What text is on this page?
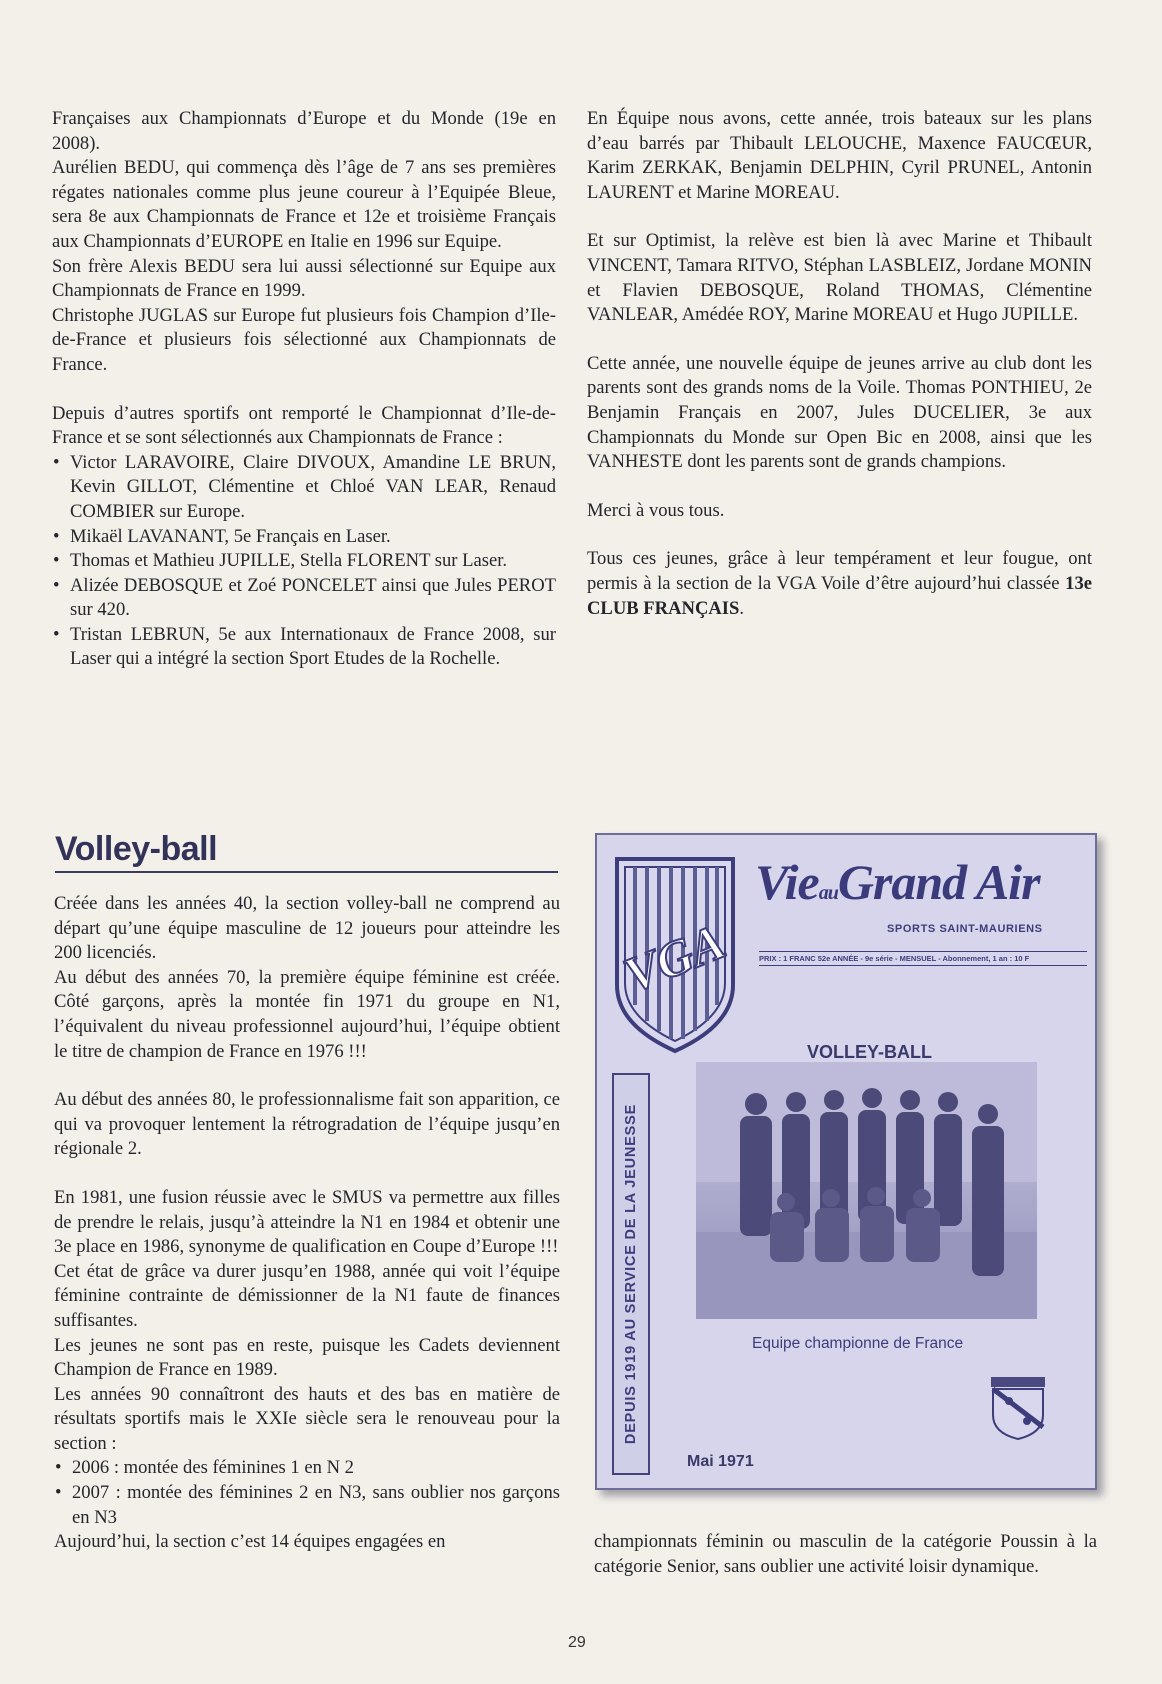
Françaises aux Championnats d’Europe et du Monde (19e en 2008).

Aurélien BEDU, qui commença dès l’âge de 7 ans ses premières régates nationales comme plus jeune coureur à l’Equipée Bleue, sera 8e aux Championnats de France et 12e et troisième Français aux Championnats d’EUROPE en Italie en 1996 sur Equipe.

Son frère Alexis BEDU sera lui aussi sélectionné sur Equipe aux Championnats de France en 1999.

Christophe JUGLAS sur Europe fut plusieurs fois Champion d’Ile-de-France et plusieurs fois sélectionné aux Championnats de France.

Depuis d’autres sportifs ont remporté le Championnat d’Ile-de-France et se sont sélectionnés aux Championnats de France :

• Victor LARAVOIRE, Claire DIVOUX, Amandine LE BRUN, Kevin GILLOT, Clémentine et Chloé VAN LEAR, Renaud COMBIER sur Europe.
• Mikaël LAVANANT, 5e Français en Laser.
• Thomas et Mathieu JUPILLE, Stella FLORENT sur Laser.
• Alizée DEBOSQUE et Zoé PONCELET ainsi que Jules PEROT sur 420.
• Tristan LEBRUN, 5e aux Internationaux de France 2008, sur Laser qui a intégré la section Sport Etudes de la Rochelle.

En Équipe nous avons, cette année, trois bateaux sur les plans d’eau barrés par Thibault LELOUCHE, Maxence FAUCŒUR, Karim ZERKAK, Benjamin DELPHIN, Cyril PRUNEL, Antonin LAURENT et Marine MOREAU.

Et sur Optimist, la relève est bien là avec Marine et Thibault VINCENT, Tamara RITVO, Stéphan LASBLEIZ, Jordane MONIN et Flavien DEBOSQUE, Roland THOMAS, Clémentine VANLEAR, Amédée ROY, Marine MOREAU et Hugo JUPILLE.

Cette année, une nouvelle équipe de jeunes arrive au club dont les parents sont des grands noms de la Voile. Thomas PONTHIEU, 2e Benjamin Français en 2007, Jules DUCELIER, 3e aux Championnats du Monde sur Open Bic en 2008, ainsi que les VANHESTE dont les parents sont de grands champions.

Merci à vous tous.

Tous ces jeunes, grâce à leur tempérament et leur fougue, ont permis à la section de la VGA Voile d’être aujourd’hui classée 13e CLUB FRANÇAIS.

Volley-ball

Créée dans les années 40, la section volley-ball ne comprend au départ qu’une équipe masculine de 12 joueurs pour atteindre les 200 licenciés.

Au début des années 70, la première équipe féminine est créée. Côté garçons, après la montée fin 1971 du groupe en N1, l’équivalent du niveau professionnel aujourd’hui, l’équipe obtient le titre de champion de France en 1976 !!!

Au début des années 80, le professionnalisme fait son apparition, ce qui va provoquer lentement la rétrogradation de l’équipe jusqu’en régionale 2.

En 1981, une fusion réussie avec le SMUS va permettre aux filles de prendre le relais, jusqu’à atteindre la N1 en 1984 et obtenir une 3e place en 1986, synonyme de qualification en Coupe d’Europe !!!

Cet état de grâce va durer jusqu’en 1988, année qui voit l’équipe féminine contrainte de démissionner de la N1 faute de finances suffisantes.

Les jeunes ne sont pas en reste, puisque les Cadets deviennent Champion de France en 1989.

Les années 90 connaîtront des hauts et des bas en matière de résultats sportifs mais le XXIe siècle sera le renouveau pour la section :

• 2006 : montée des féminines 1 en N 2
• 2007 : montée des féminines 2 en N3, sans oublier nos garçons en N3

Aujourd’hui, la section c’est 14 équipes engagées en

VGA
VieauGrand Air
SPORTS SAINT-MAURIENS
PRIX : 1 FRANC 52e ANNÉE - 9e série - MENSUEL - Abonnement, 1 an : 10 F
VOLLEY-BALL
DEPUIS 1919 AU SERVICE DE LA JEUNESSE	Equipe championne de France
Mai 1971

championnats féminin ou masculin de la catégorie Poussin à la catégorie Senior, sans oublier une activité loisir dynamique.

29
